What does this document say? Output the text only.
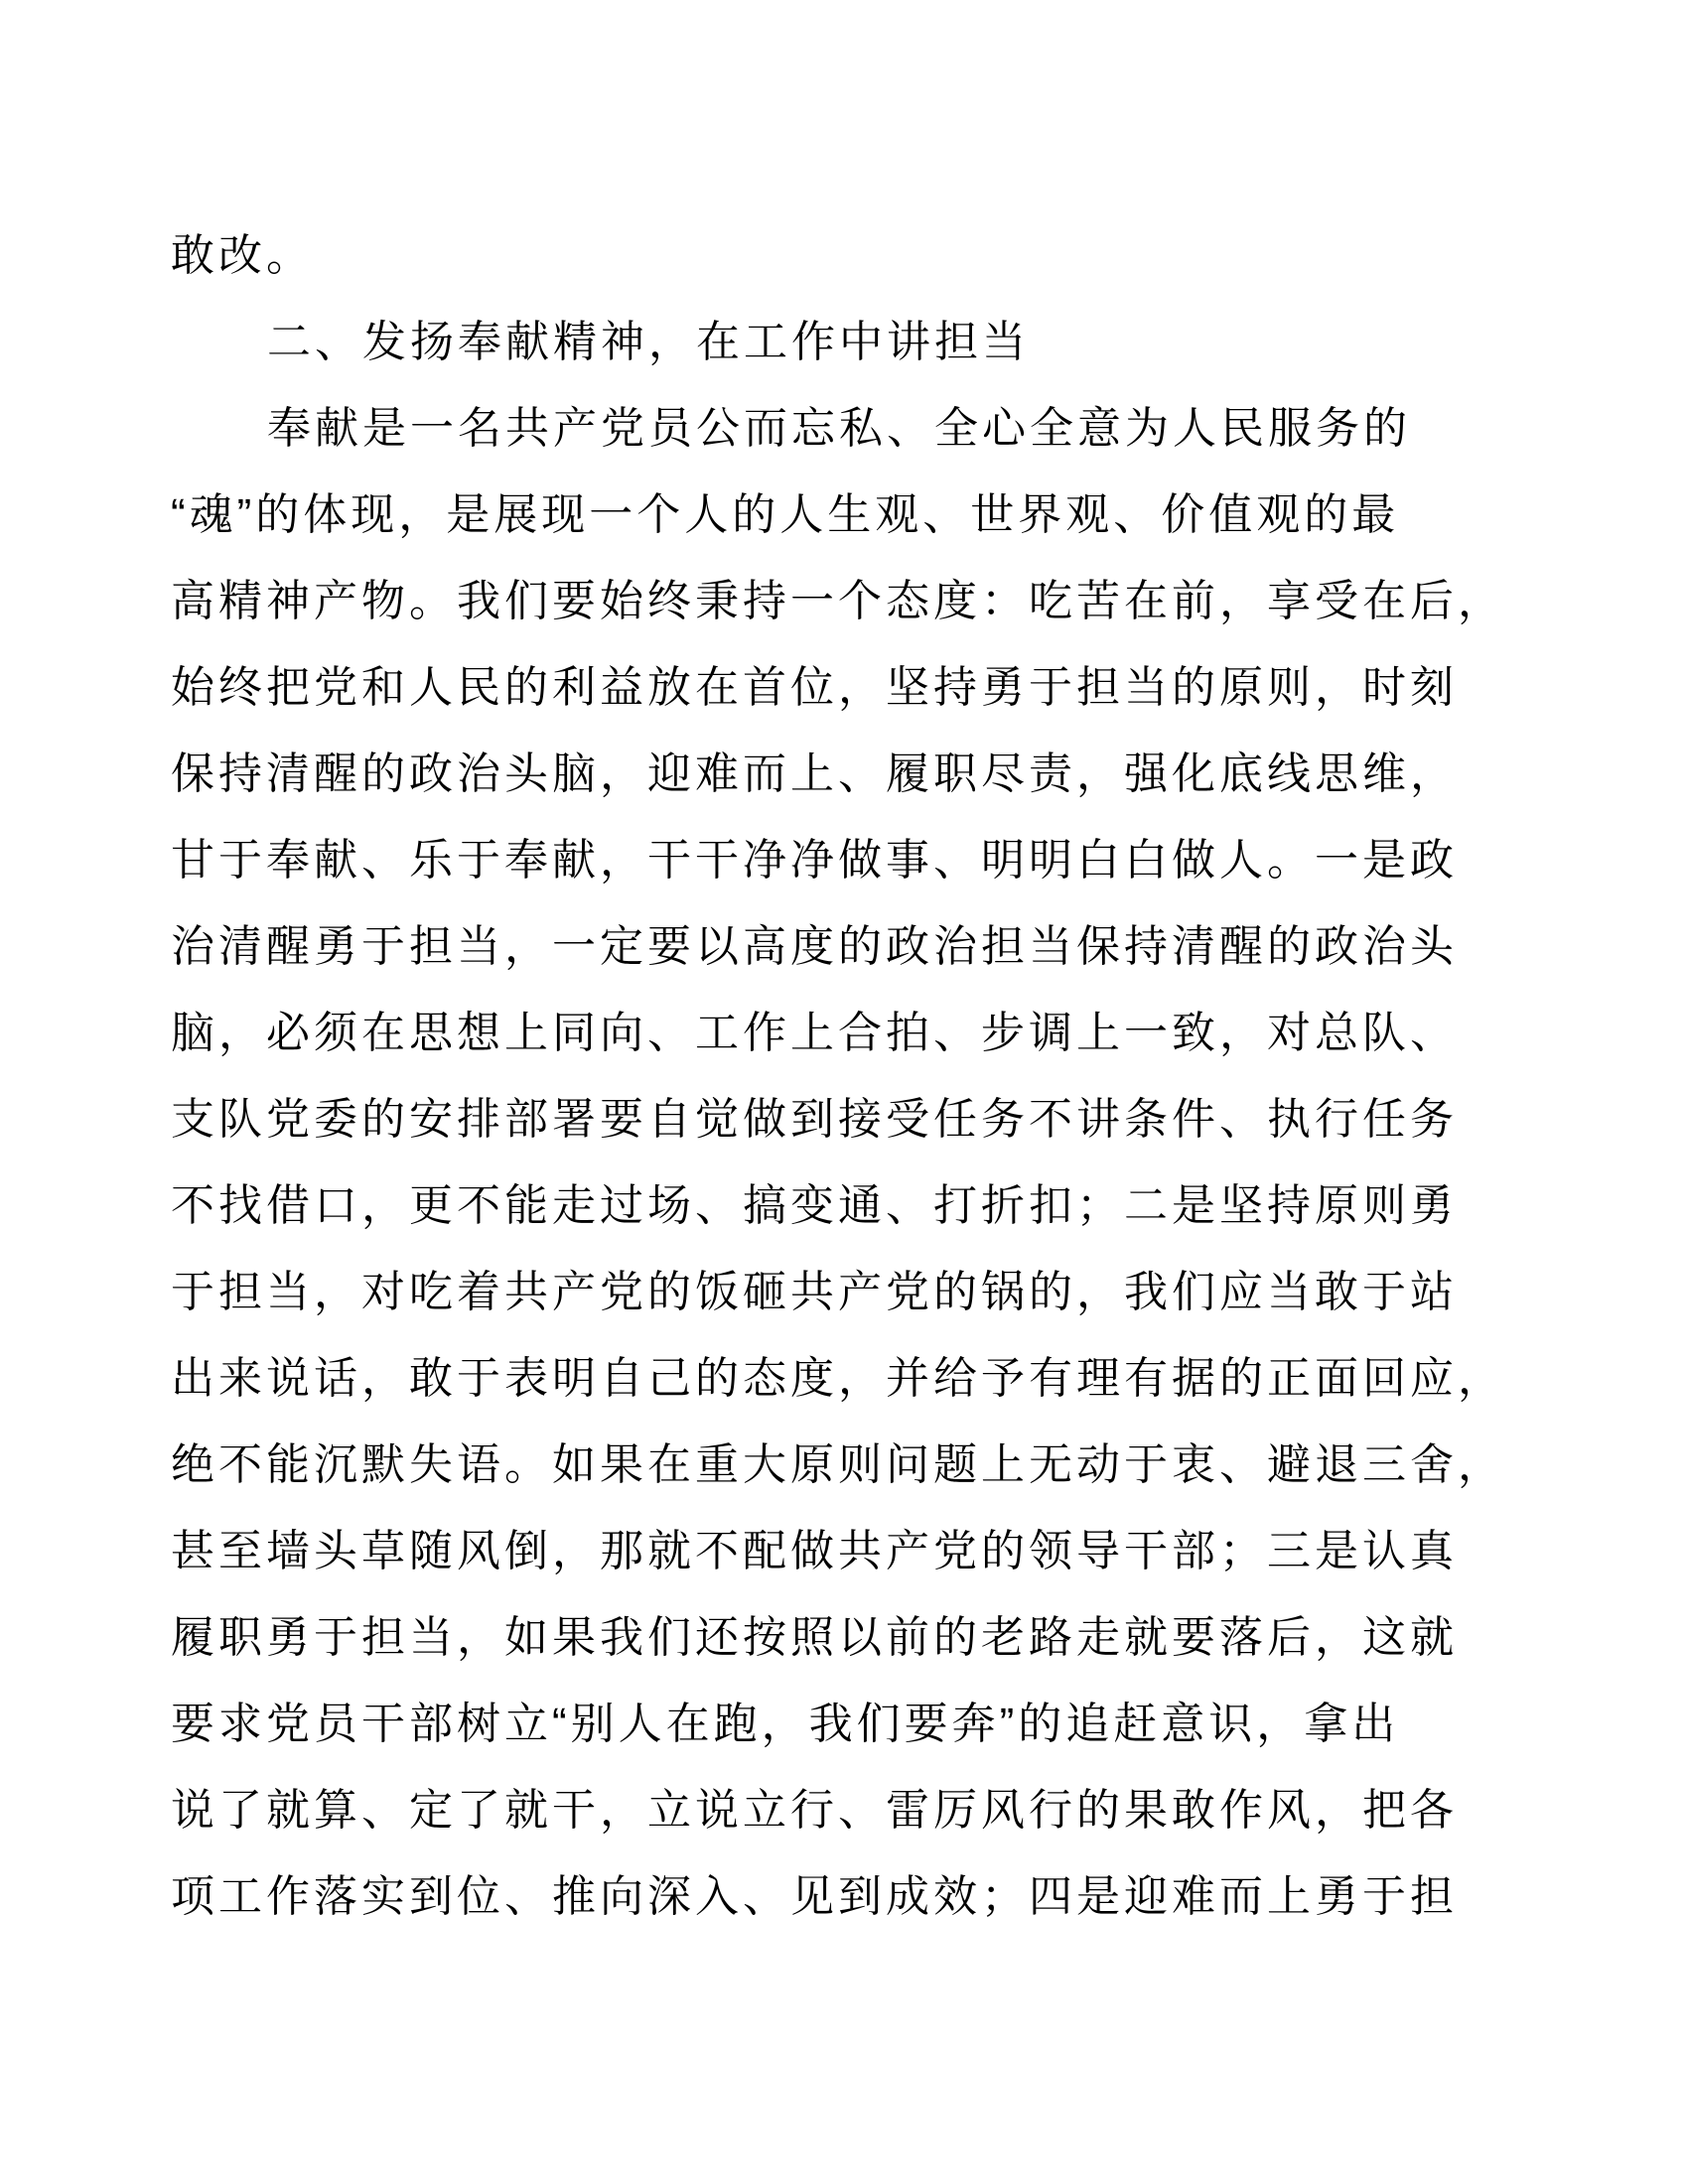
敢改。
二、发扬奉献精神，在工作中讲担当
奉献是一名共产党员公而忘私、全心全意为人民服务的
“魂”的体现，是展现一个人的人生观、世界观、价值观的最
高精神产物。我们要始终秉持一个态度：吃苦在前，享受在后，
始终把党和人民的利益放在首位，坚持勇于担当的原则，时刻
保持清醒的政治头脑，迎难而上、履职尽责，强化底线思维，
甘于奉献、乐于奉献，干干净净做事、明明白白做人。一是政
治清醒勇于担当，一定要以高度的政治担当保持清醒的政治头
脑，必须在思想上同向、工作上合拍、步调上一致，对总队、
支队党委的安排部署要自觉做到接受任务不讲条件、执行任务
不找借口，更不能走过场、搞变通、打折扣；二是坚持原则勇
于担当，对吃着共产党的饭砸共产党的锅的，我们应当敢于站
出来说话，敢于表明自己的态度，并给予有理有据的正面回应，
绝不能沉默失语。如果在重大原则问题上无动于衷、避退三舍，
甚至墙头草随风倒，那就不配做共产党的领导干部；三是认真
履职勇于担当，如果我们还按照以前的老路走就要落后，这就
要求党员干部树立“别人在跑，我们要奔”的追赶意识，拿出
说了就算、定了就干，立说立行、雷厉风行的果敢作风，把各
项工作落实到位、推向深入、见到成效；四是迎难而上勇于担
